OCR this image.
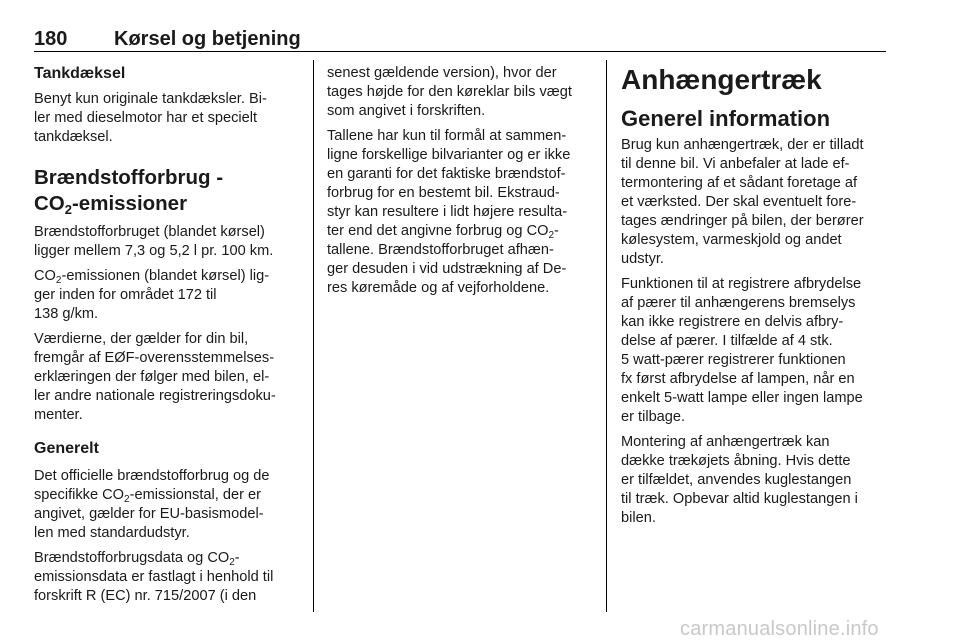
180 Kørsel og betjening
Tankdæksel

Benyt kun originale tankdæksler. Bi-
ler med dieselmotor har et specielt
tankdæksel.

Brændstofforbrug -
$CO_2$-emissioner

Brændstofforbruget (blandet kørsel)
ligger mellem 7,3 og 5,2 l pr. 100 km.

$CO_2$-emissionen (blandet kørsel) lig-
ger inden for området 172 til
138 g/km.

Værdierne, der gælder for din bil,
fremgår af EØF-overensstemmelses-
erklæringen der følger med bilen, el-
ler andre nationale registreringsdoku-
menter.

Generelt

Det officielle brændstofforbrug og de
specifikke $CO_2$-emissionstal, der er
angivet, gælder for EU-basismodel-
len med standardudstyr.

Brændstofforbrugsdata og $CO_2-$
emissionsdata er fastlagt i henhold til
forskrift R (EC) nr. 715/2007 (i den

senest gældende version), hvor der
tages højde for den køreklar bils vægt
som angivet i forskriften.

Tallene har kun til formål at sammen-
ligne forskellige bilvarianter og er ikke
en garanti for det faktiske brændstof-
forbrug for en bestemt bil. Ekstraud-
styr kan resultere i lidt højere resulta-
ter end det angivne forbrug og $CO_2-$
tallene. Brændstofforbruget afhæn-
ger desuden i vid udstrækning af De-
res køremåde og af vejforholdene.

Anhængertræk
Generel information

Brug kun anhængertræk, der er tilladt
til denne bil. Vi anbefaler at lade ef-
termontering af et sådant foretage af
et værksted. Der skal eventuelt fore-
tages ændringer på bilen, der berører
kølesystem, varmeskjold og andet
udstyr.

Funktionen til at registrere afbrydelse
af pærer til anhængerens bremselys
kan ikke registrere en delvis afbry-
delse af pærer. I tilfælde af 4 stk.
5 watt-pærer registrerer funktionen
fx først afbrydelse af lampen, når en
enkelt 5-watt lampe eller ingen lampe
er tilbage.

Montering af anhængertræk kan
dække trækøjets åbning. Hvis dette
er tilfældet, anvendes kuglestangen
til træk. Opbevar altid kuglestangen i
bilen.

carmanualsonline.info
